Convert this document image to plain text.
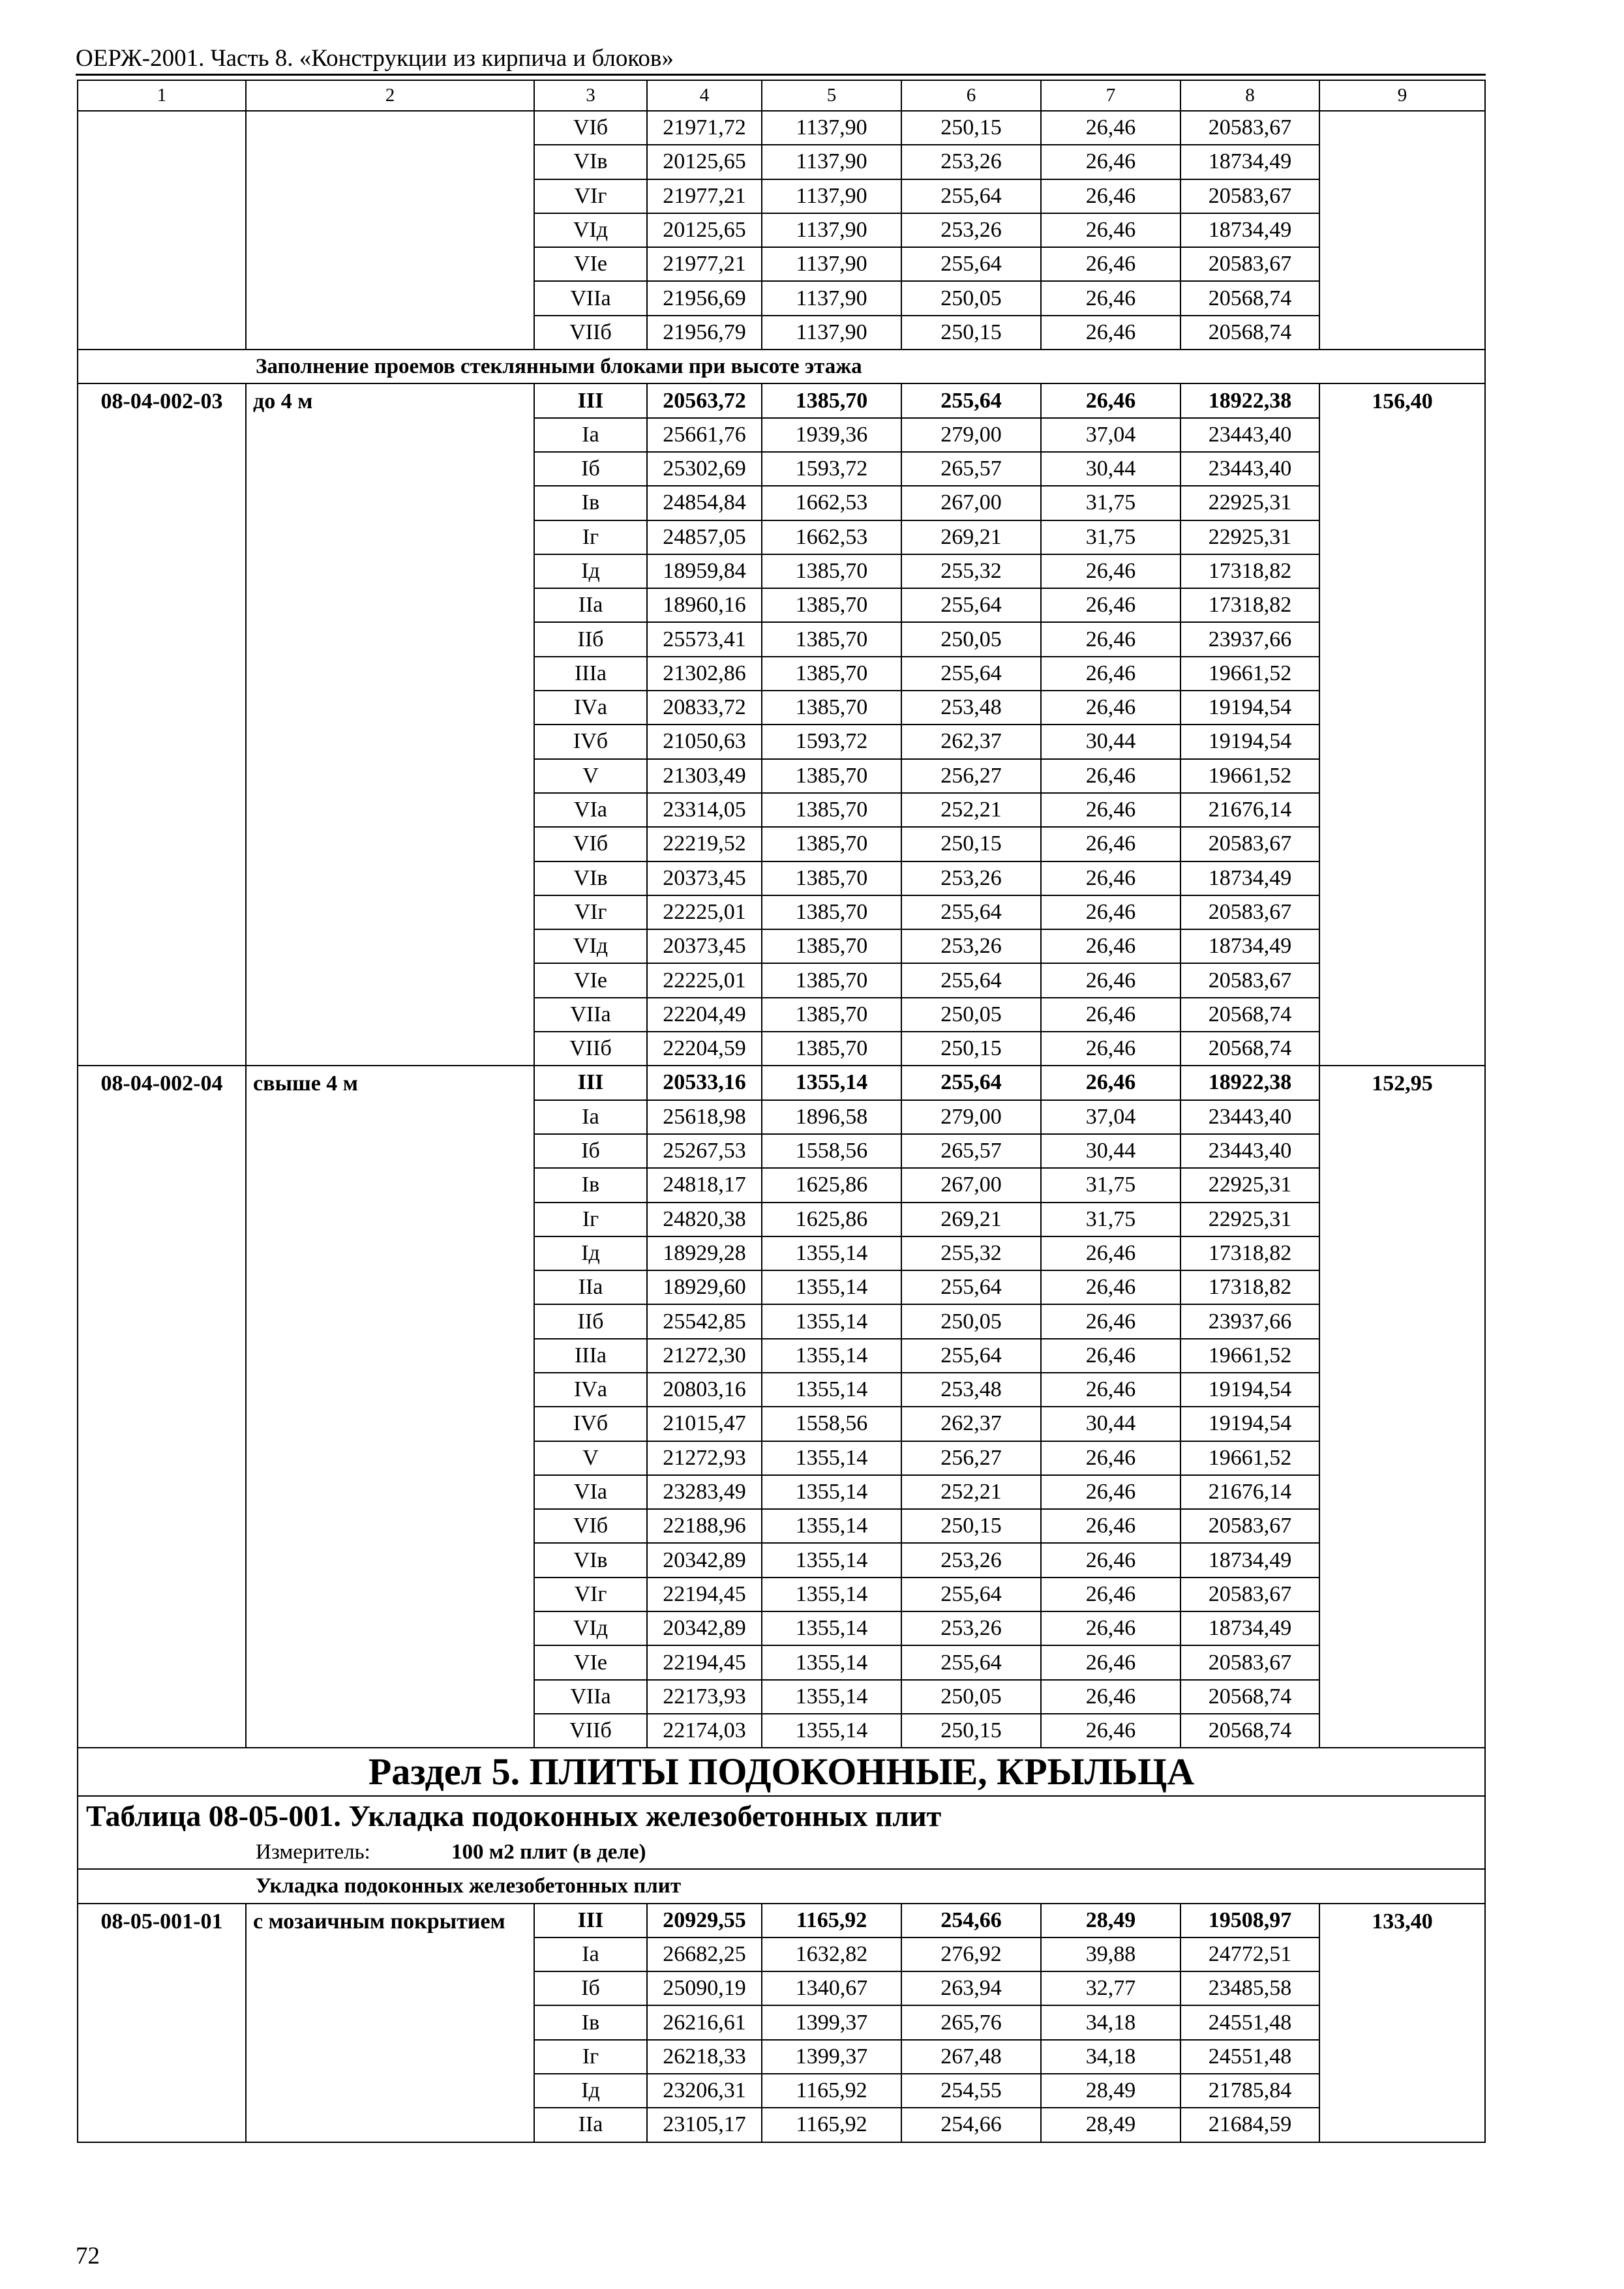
ОЕРЖ-2001. Часть 8. «Конструкции из кирпича и блоков»
1	2	3	4	5	6	7	8	9
		VIб	21971,72	1137,90	250,15	26,46	20583,67	
		VIв	20125,65	1137,90	253,26	26,46	18734,49	
		VIг	21977,21	1137,90	255,64	26,46	20583,67	
		VIд	20125,65	1137,90	253,26	26,46	18734,49	
		VIе	21977,21	1137,90	255,64	26,46	20583,67	
		VIIа	21956,69	1137,90	250,05	26,46	20568,74	
		VIIб	21956,79	1137,90	250,15	26,46	20568,74	
Заполнение проемов стеклянными блоками при высоте этажа								
08-04-002-03	до 4 м	III	20563,72	1385,70	255,64	26,46	18922,38	156,40
		Iа	25661,76	1939,36	279,00	37,04	23443,40	
		Iб	25302,69	1593,72	265,57	30,44	23443,40	
		Iв	24854,84	1662,53	267,00	31,75	22925,31	
		Iг	24857,05	1662,53	269,21	31,75	22925,31	
		Iд	18959,84	1385,70	255,32	26,46	17318,82	
		IIа	18960,16	1385,70	255,64	26,46	17318,82	
		IIб	25573,41	1385,70	250,05	26,46	23937,66	
		IIIа	21302,86	1385,70	255,64	26,46	19661,52	
		IVа	20833,72	1385,70	253,48	26,46	19194,54	
		IVб	21050,63	1593,72	262,37	30,44	19194,54	
		V	21303,49	1385,70	256,27	26,46	19661,52	
		VIа	23314,05	1385,70	252,21	26,46	21676,14	
		VIб	22219,52	1385,70	250,15	26,46	20583,67	
		VIв	20373,45	1385,70	253,26	26,46	18734,49	
		VIг	22225,01	1385,70	255,64	26,46	20583,67	
		VIд	20373,45	1385,70	253,26	26,46	18734,49	
		VIе	22225,01	1385,70	255,64	26,46	20583,67	
		VIIа	22204,49	1385,70	250,05	26,46	20568,74	
		VIIб	22204,59	1385,70	250,15	26,46	20568,74	
08-04-002-04	свыше 4 м	III	20533,16	1355,14	255,64	26,46	18922,38	152,95
		Iа	25618,98	1896,58	279,00	37,04	23443,40	
		Iб	25267,53	1558,56	265,57	30,44	23443,40	
		Iв	24818,17	1625,86	267,00	31,75	22925,31	
		Iг	24820,38	1625,86	269,21	31,75	22925,31	
		Iд	18929,28	1355,14	255,32	26,46	17318,82	
		IIа	18929,60	1355,14	255,64	26,46	17318,82	
		IIб	25542,85	1355,14	250,05	26,46	23937,66	
		IIIа	21272,30	1355,14	255,64	26,46	19661,52	
		IVа	20803,16	1355,14	253,48	26,46	19194,54	
		IVб	21015,47	1558,56	262,37	30,44	19194,54	
		V	21272,93	1355,14	256,27	26,46	19661,52	
		VIа	23283,49	1355,14	252,21	26,46	21676,14	
		VIб	22188,96	1355,14	250,15	26,46	20583,67	
		VIв	20342,89	1355,14	253,26	26,46	18734,49	
		VIг	22194,45	1355,14	255,64	26,46	20583,67	
		VIд	20342,89	1355,14	253,26	26,46	18734,49	
		VIе	22194,45	1355,14	255,64	26,46	20583,67	
		VIIа	22173,93	1355,14	250,05	26,46	20568,74	
		VIIб	22174,03	1355,14	250,15	26,46	20568,74	
Раздел 5. ПЛИТЫ ПОДОКОННЫЕ, КРЫЛЬЦА								
Таблица 08-05-001. Укладка подоконных железобетонных плит								
Измеритель: 100 м2 плит (в деле)								
Укладка подоконных железобетонных плит								
08-05-001-01	с мозаичным покрытием	III	20929,55	1165,92	254,66	28,49	19508,97	133,40
		Iа	26682,25	1632,82	276,92	39,88	24772,51	
		Iб	25090,19	1340,67	263,94	32,77	23485,58	
		Iв	26216,61	1399,37	265,76	34,18	24551,48	
		Iг	26218,33	1399,37	267,48	34,18	24551,48	
		Iд	23206,31	1165,92	254,55	28,49	21785,84	
		IIа	23105,17	1165,92	254,66	28,49	21684,59	
72
